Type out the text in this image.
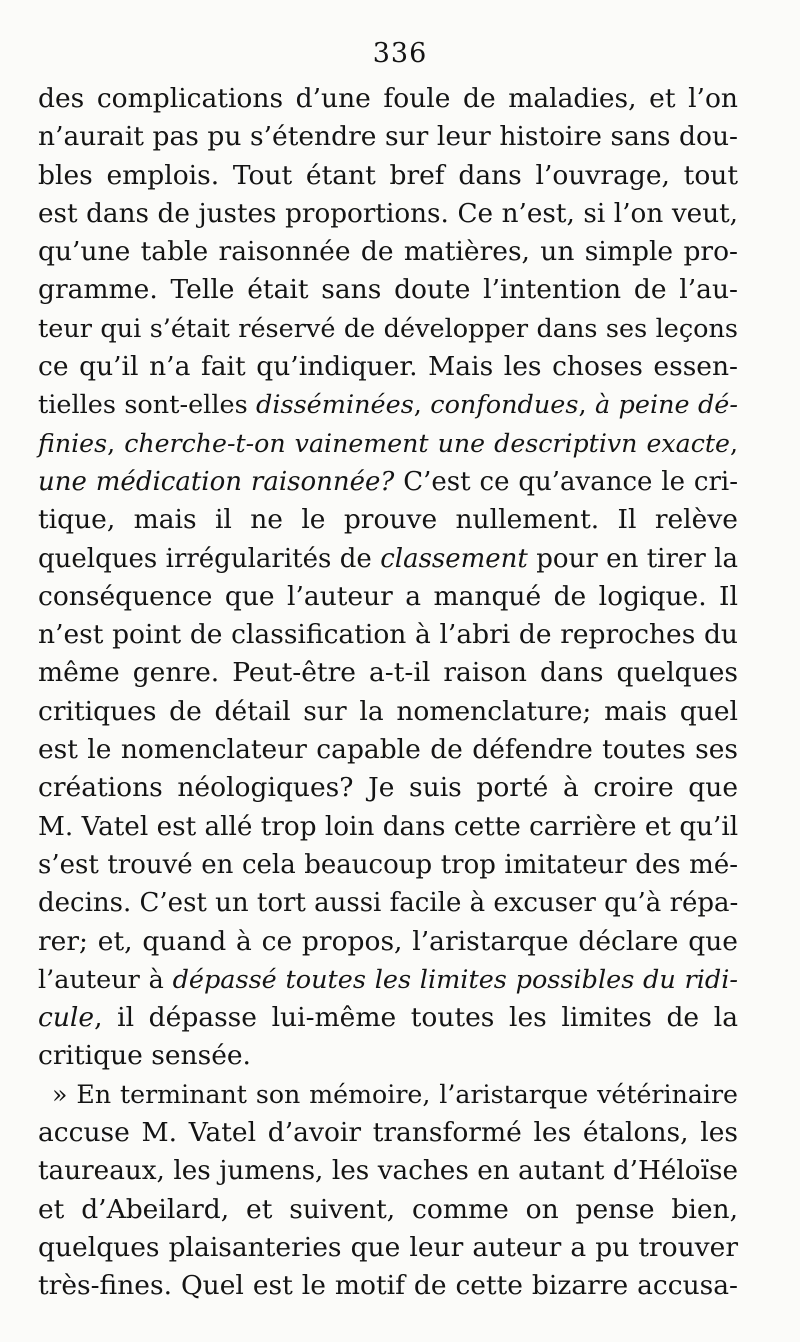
336
des complications d’une foule de maladies, et l’on
n’aurait pas pu s’étendre sur leur histoire sans dou-
bles emplois. Tout étant bref dans l’ouvrage, tout
est dans de justes proportions. Ce n’est, si l’on veut,
qu’une table raisonnée de matières, un simple pro-
gramme. Telle était sans doute l’intention de l’au-
teur qui s’était réservé de développer dans ses leçons
ce qu’il n’a fait qu’indiquer. Mais les choses essen-
tielles sont-elles disséminées, confondues, à peine dé-
finies, cherche-t-on vainement une descriptivn exacte,
une médication raisonnée? C’est ce qu’avance le cri-
tique, mais il ne le prouve nullement. Il relève
quelques irrégularités de classement pour en tirer la
conséquence que l’auteur a manqué de logique. Il
n’est point de classification à l’abri de reproches du
même genre. Peut-être a-t-il raison dans quelques
critiques de détail sur la nomenclature; mais quel
est le nomenclateur capable de défendre toutes ses
créations néologiques? Je suis porté à croire que
M. Vatel est allé trop loin dans cette carrière et qu’il
s’est trouvé en cela beaucoup trop imitateur des mé-
decins. C’est un tort aussi facile à excuser qu’à répa-
rer; et, quand à ce propos, l’aristarque déclare que
l’auteur à dépassé toutes les limites possibles du ridi-
cule, il dépasse lui-même toutes les limites de la
critique sensée.
» En terminant son mémoire, l’aristarque vétérinaire
accuse M. Vatel d’avoir transformé les étalons, les
taureaux, les jumens, les vaches en autant d’Héloïse
et d’Abeilard, et suivent, comme on pense bien,
quelques plaisanteries que leur auteur a pu trouver
très-fines. Quel est le motif de cette bizarre accusa-
